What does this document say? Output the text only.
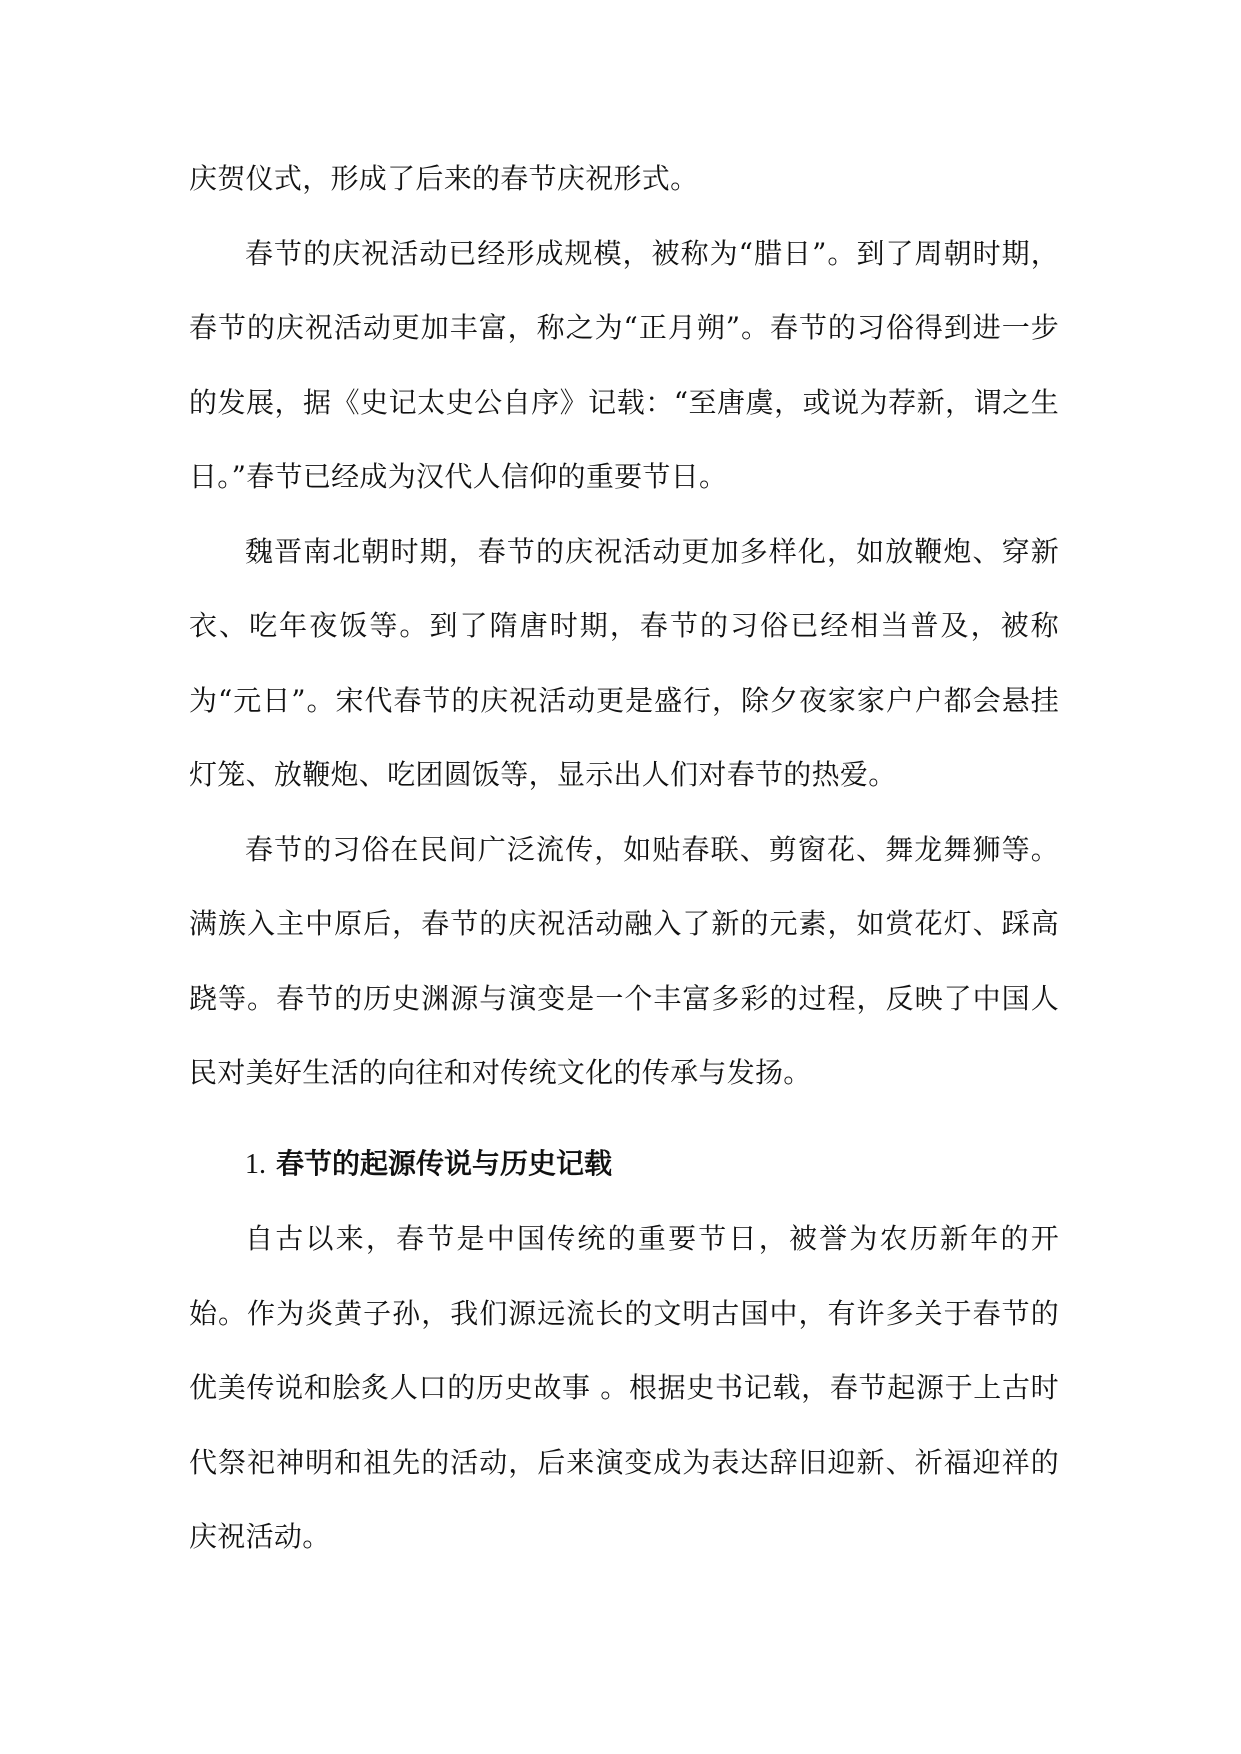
庆贺仪式，形成了后来的春节庆祝形式。

春节的庆祝活动已经形成规模，被称为“腊日”。到了周朝时期，春节的庆祝活动更加丰富，称之为“正月朔”。春节的习俗得到进一步的发展，据《史记太史公自序》记载：“至唐虞，或说为荐新，谓之生日。”春节已经成为汉代人信仰的重要节日。

魏晋南北朝时期，春节的庆祝活动更加多样化，如放鞭炮、穿新衣、吃年夜饭等。到了隋唐时期，春节的习俗已经相当普及，被称为“元日”。宋代春节的庆祝活动更是盛行，除夕夜家家户户都会悬挂灯笼、放鞭炮、吃团圆饭等，显示出人们对春节的热爱。

春节的习俗在民间广泛流传，如贴春联、剪窗花、舞龙舞狮等。满族入主中原后，春节的庆祝活动融入了新的元素，如赏花灯、踩高跷等。春节的历史渊源与演变是一个丰富多彩的过程，反映了中国人民对美好生活的向往和对传统文化的传承与发扬。

1. 春节的起源传说与历史记载

自古以来，春节是中国传统的重要节日，被誉为农历新年的开始。作为炎黄子孙，我们源远流长的文明古国中，有许多关于春节的优美传说和脍炙人口的历史故事 。根据史书记载，春节起源于上古时代祭祀神明和祖先的活动，后来演变成为表达辞旧迎新、祈福迎祥的庆祝活动。
